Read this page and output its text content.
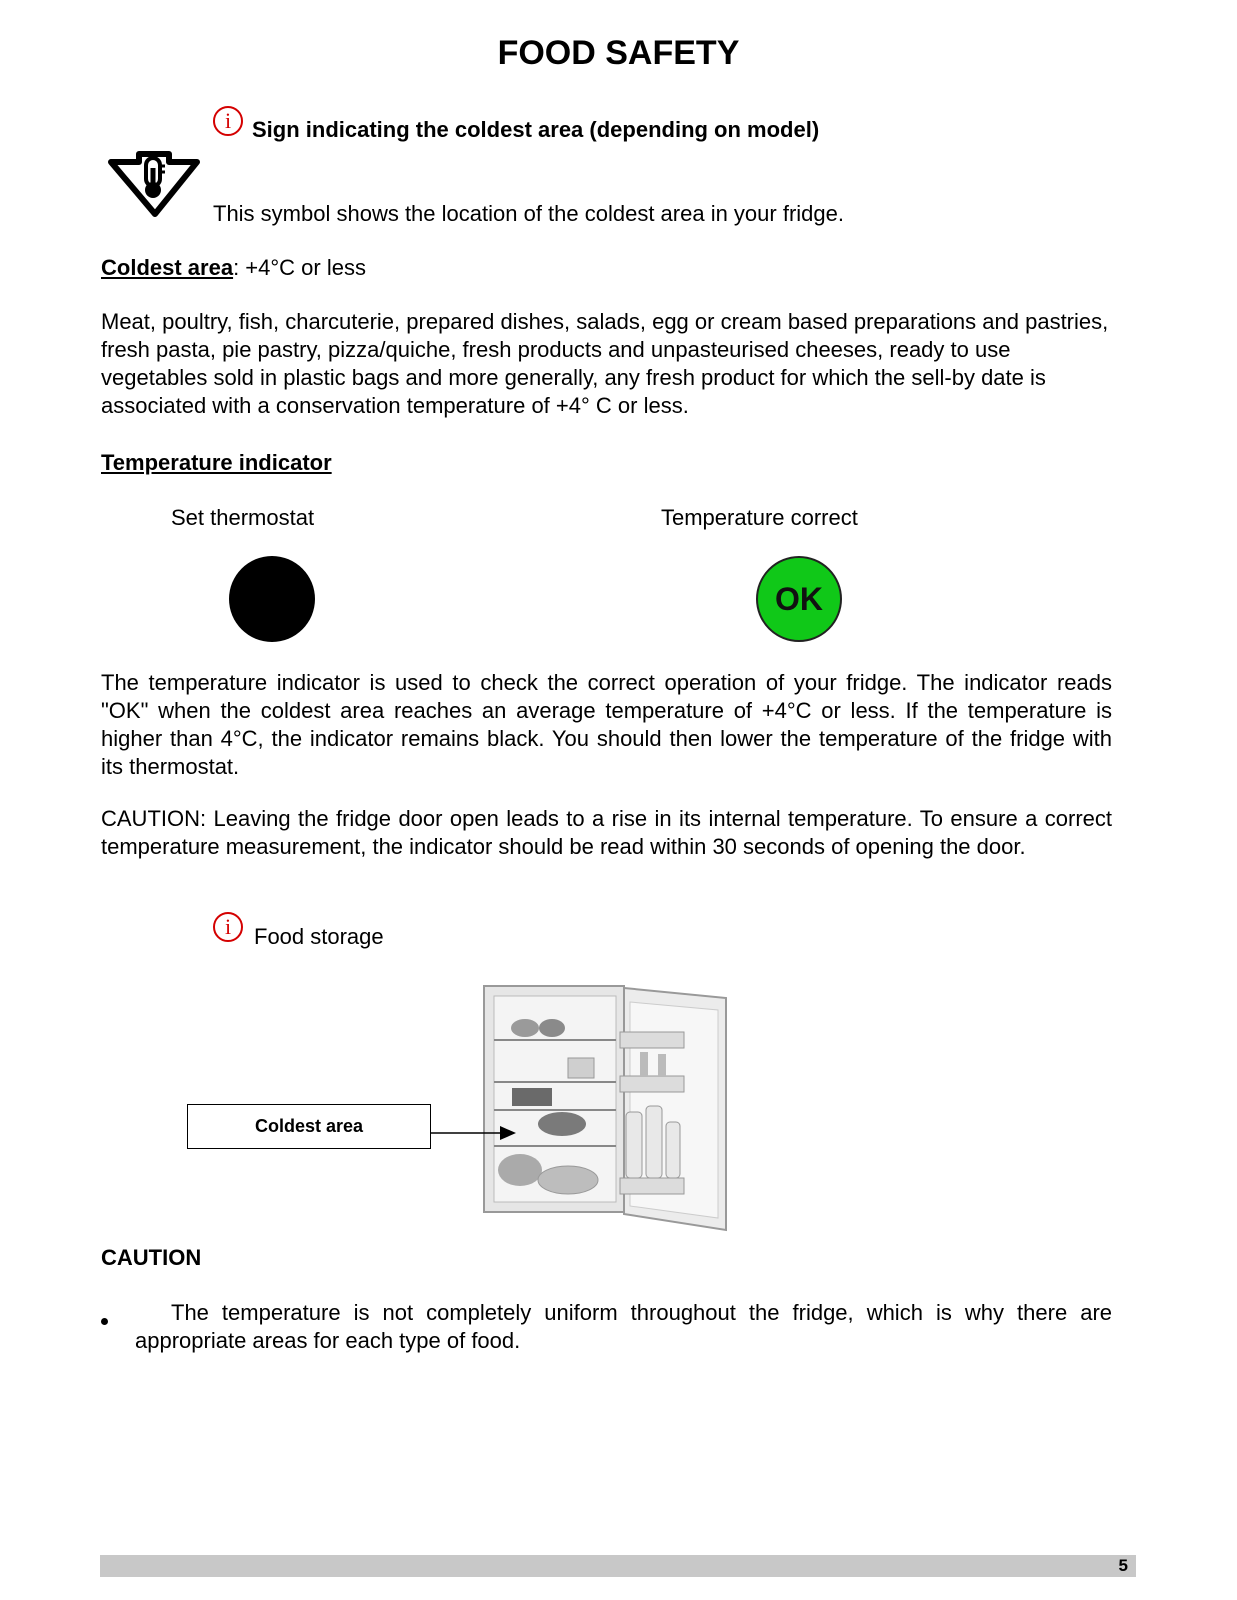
FOOD SAFETY
i Sign indicating the coldest area (depending on model)
This symbol shows the location of the coldest area in your fridge.
Coldest area: +4°C or less
Meat, poultry, fish, charcuterie, prepared dishes, salads, egg or cream based preparations and pastries, fresh pasta, pie pastry, pizza/quiche, fresh products and unpasteurised cheeses, ready to use vegetables sold in plastic bags and more generally, any fresh product for which the sell-by date is associated with a conservation temperature of +4° C or less.
Temperature indicator
Set thermostat	Temperature correct
OK
The temperature indicator is used to check the correct operation of your fridge. The indicator reads "OK" when the coldest area reaches an average temperature of +4°C or less. If the temperature is higher than 4°C, the indicator remains black. You should then lower the temperature of the fridge with its thermostat.
CAUTION: Leaving the fridge door open leads to a rise in its internal temperature. To ensure a correct temperature measurement, the indicator should be read within 30 seconds of opening the door.
i	Food storage
Coldest area
CAUTION
The temperature is not completely uniform throughout the fridge, which is why there are appropriate areas for each type of food.
5
